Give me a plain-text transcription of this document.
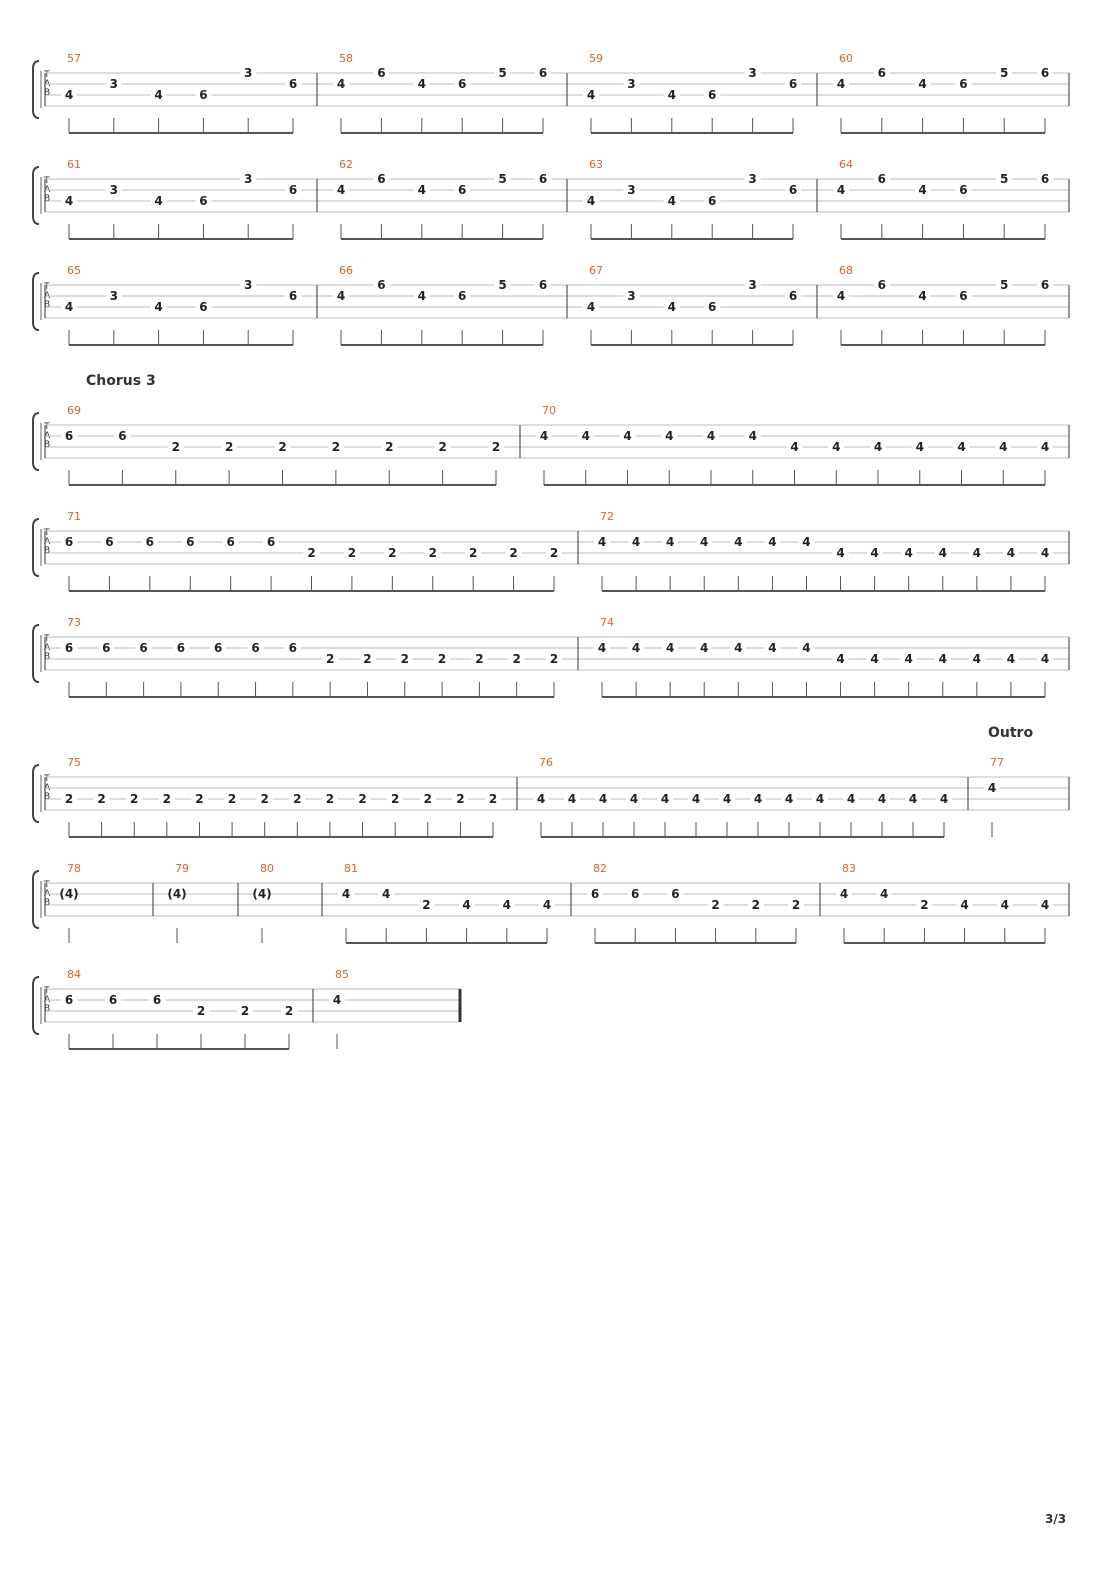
Chorus 3
Outro
T
A
B
57
4
3
4	6
3
6
58
4
6
4	6
5	6
59
4
3
4	6
3
6
60
4
6
4	6
5	6
T
A
B
61
4
3
4	6
3
6
62
4
6
4	6
5	6
63
4
3
4	6
3
6
64
4
6
4	6
5	6
T
A
B
65
4
3
4	6
3
6
66
4
6
4	6
5	6
67
4
3
4	6
3
6
68
4
6
4	6
5	6
T
A
B
69
6	6
2	2	2	2	2	2	2
70
4	4	4	4	4	4
4	4	4	4	4	4	4
T
A
B
71
6	6	6	6	6	6
2	2	2	2	2	2	2
72
4 4 4 4 4 4 4
4 4 4 4 4 4 4
T
A
B
73
6 6 6 6 6 6 6
2 2 2 2 2 2 2
74
4 4 4 4 4 4 4
4 4 4 4 4 4 4
T
A
B
75
2 2 2 2 2 2 2 2 2 2 2 2 2 2
76
4 4 4 4 4 4 4 4 4 4 4 4 4 4
77
4
T
A
B
78
(4)
79
(4)
80
(4)
81
4	4
2	4	4	4
82
6	6	6
2	2	2
83
4	4
2	4	4	4
T
A
B
84
6	6	6
2	2	2
85
4
3/3
